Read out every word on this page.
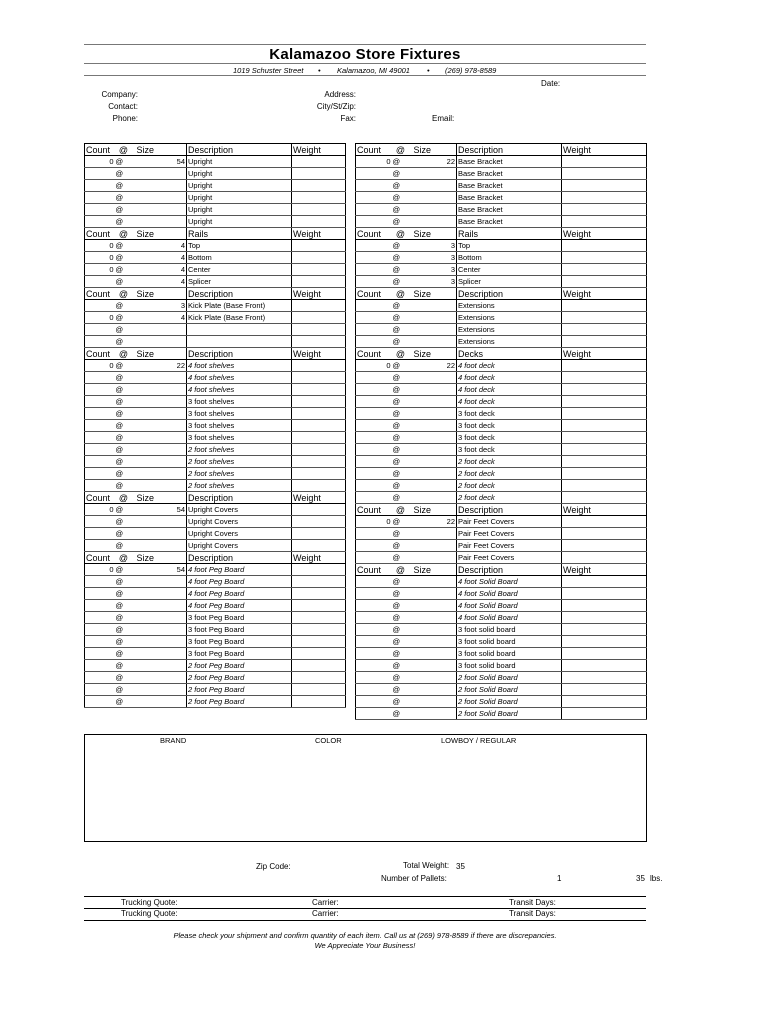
Kalamazoo Store Fixtures
1019 Schuster Street • Kalamazoo, MI 49001 • (269) 978-8589
Date:
Company:
Contact:
Phone:
Address:
City/St/Zip:
Fax:	Email:
Count	@	Size	Description	Weight
0	@	54	Upright	
	@		Upright	
	@		Upright	
	@		Upright	
	@		Upright	
	@		Upright	
Count	@	Size	Rails	Weight
0	@	4	Top	
0	@	4	Bottom	
0	@	4	Center	
	@	4	Splicer	
Count	@	Size	Description	Weight
	@	3	Kick Plate (Base Front)	
0	@	4	Kick Plate (Base Front)	
	@			
	@			
Count	@	Size	Description	Weight
0	@	22	4 foot shelves	
	@		4 foot shelves	
	@		4 foot shelves	
	@		3 foot shelves	
	@		3 foot shelves	
	@		3 foot shelves	
	@		3 foot shelves	
	@		2 foot shelves	
	@		2 foot shelves	
	@		2 foot shelves	
	@		2 foot shelves	
Count	@	Size	Description	Weight
0	@	54	Upright Covers	
	@		Upright Covers	
	@		Upright Covers	
	@		Upright Covers	
Count	@	Size	Description	Weight
0	@	54	4 foot Peg Board	
	@		4 foot Peg Board	
	@		4 foot Peg Board	
	@		4 foot Peg Board	
	@		3 foot Peg Board	
	@		3 foot Peg Board	
	@		3 foot Peg Board	
	@		3 foot Peg Board	
	@		2 foot Peg Board	
	@		2 foot Peg Board	
	@		2 foot Peg Board	
	@		2 foot Peg Board	
Count	@	Size	Description	Weight
0	@	22	Base Bracket	
	@		Base Bracket	
	@		Base Bracket	
	@		Base Bracket	
	@		Base Bracket	
	@		Base Bracket	
Count	@	Size	Rails	Weight
	@	3	Top	
	@	3	Bottom	
	@	3	Center	
	@	3	Splicer	
Count	@	Size	Description	Weight
	@		Extensions	
	@		Extensions	
	@		Extensions	
	@		Extensions	
Count	@	Size	Decks	Weight
0	@	22	4 foot deck	
	@		4 foot deck	
	@		4 foot deck	
	@		4 foot deck	
	@		3 foot deck	
	@		3 foot deck	
	@		3 foot deck	
	@		3 foot deck	
	@		2 foot deck	
	@		2 foot deck	
	@		2 foot deck	
	@		2 foot deck	
Count	@	Size	Description	Weight
0	@	22	Pair Feet Covers	
	@		Pair Feet Covers	
	@		Pair Feet Covers	
	@		Pair Feet Covers	
Count	@	Size	Description	Weight
	@		4 foot Solid Board	
	@		4 foot Solid Board	
	@		4 foot Solid Board	
	@		4 foot Solid Board	
	@		3 foot solid board	
	@		3 foot solid board	
	@		3 foot solid board	
	@		3 foot solid board	
	@		2 foot Solid Board	
	@		2 foot Solid Board	
	@		2 foot Solid Board	
	@		2 foot Solid Board	
BRAND	COLOR	LOWBOY / REGULAR
Zip Code:	Total Weight: 35
Number of Pallets:	1	35 lbs.
Trucking Quote:	Carrier:	Transit Days:
Trucking Quote:	Carrier:	Transit Days:
Please check your shipment and confirm quantity of each item. Call us at (269) 978-8589 if there are discrepancies.
We Appreciate Your Business!
